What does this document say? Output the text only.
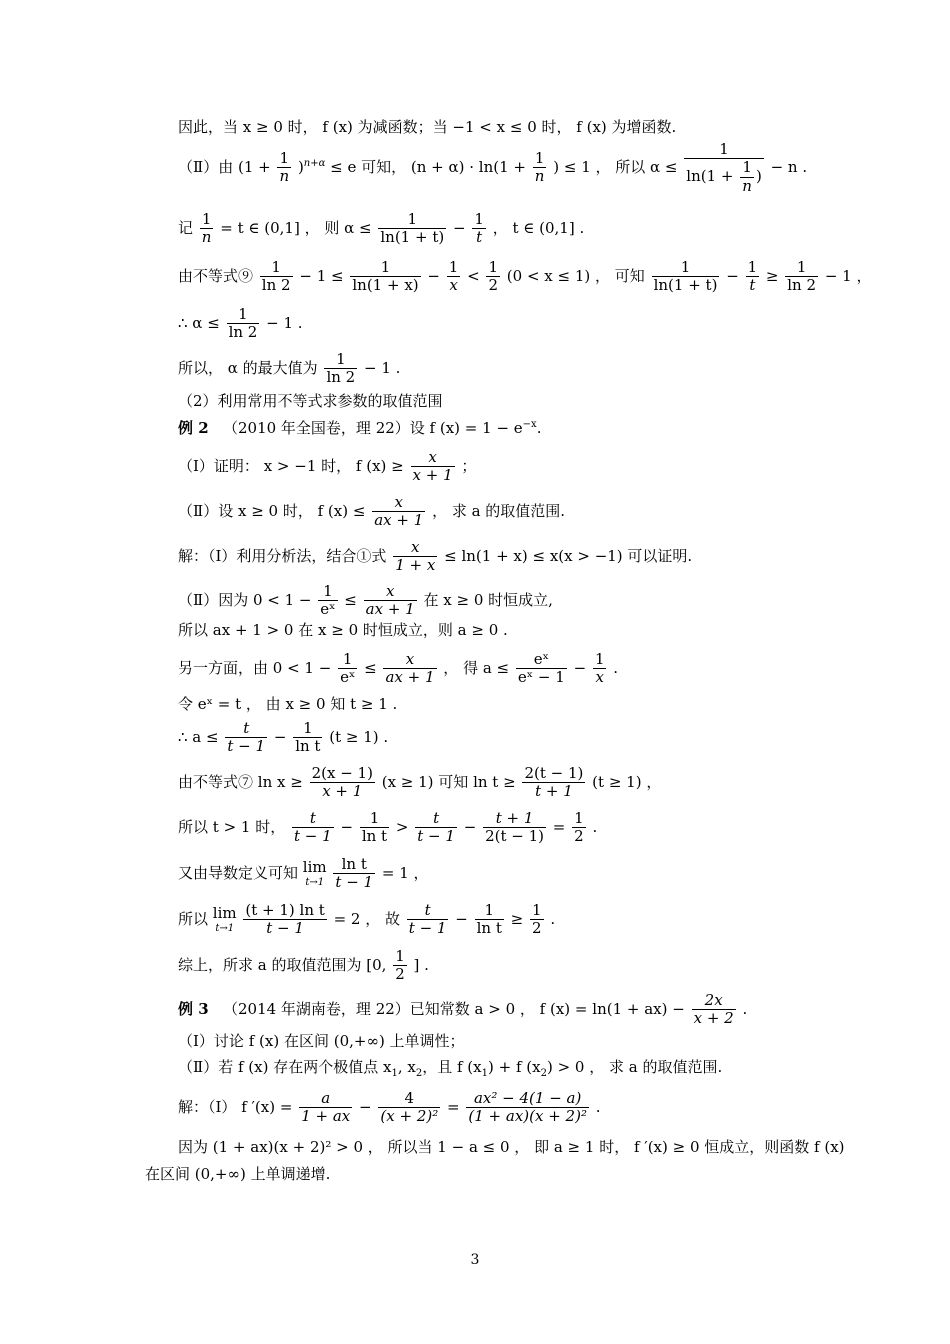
因此，当 x ≥ 0 时， f (x) 为减函数；当 −1 < x ≤ 0 时， f (x) 为增函数.
（Ⅱ）由 $(1 + \frac{1}{n} )^{n+\alpha} \le e$ 可知， $(n + \alpha) \cdot \ln(1 + \frac{1}{n}$ ) ≤ 1 ， 所以 $\alpha \le \frac{1}{\ln(1 + \frac{1}{n} )} - n$ .
记 $\frac{1}{n} = t$ ∈ (0,1] ， 则 $\alpha \le \frac{1}{\ln(1 + t)} - \frac{1}{t}$ ， t ∈ (0,1] .
由不等式⑨ $\frac{1}{\ln 2} - 1 \le \frac{1}{\ln(1 + x)} - \frac{1}{x} < \frac{1}{2} (0 < x \le 1)$ ， 可知 $\frac{1}{\ln(1 + t)} - \frac{1}{t} \ge \frac{1}{\ln 2} - 1$ ，
∴ $\alpha \le \frac{1}{\ln 2} - 1$ .
所以， α 的最大值为 $\frac{1}{\ln 2} - 1$ .
（2）利用常用不等式求参数的取值范围
例 2 （2010 年全国卷，理 22）设 f $(x) = 1 - e^{-x}$.
（Ⅰ）证明： x > −1 时， f $(x) \ge \frac{x}{x + 1}$ ；
（Ⅱ）设 x ≥ 0 时， f $(x) \le \frac{x}{ax + 1}$ ， 求 a 的取值范围.
解：（Ⅰ）利用分析法，结合①式 $\frac{x}{1 + x} \le \ln(1 + x) \le x(x > -1)$ 可以证明.
（Ⅱ）因为 $0 < 1 - \frac{1}{\text{eˣ}} \le \frac{x}{ax + 1}$ 在 x ≥ 0 时恒成立,
所以 ax + 1 > 0 在 x ≥ 0 时恒成立，则 a ≥ 0 .
另一方面，由 $0 < 1 - \frac{1}{\text{eˣ}} \le \frac{x}{ax + 1}$ ， 得 $a \le \frac{\text{eˣ}}{\text{eˣ − 1}} - \frac{1}{x}$ .
令 eˣ = t ， 由 x ≥ 0 知 t ≥ 1 .
∴ $a \le \frac{t}{t - 1} - \frac{1}{\text{ln t}} (t \ge 1)$ .
由不等式⑦ $\ln x \ge \frac{2(x - 1)}{x + 1} (x \ge 1)$ 可知 $\ln t \ge \frac{2(t - 1)}{t + 1} (t \ge 1)$ ，
所以 t > 1 时， $\frac{t}{t - 1} - \frac{1}{\text{ln t}} > \frac{t}{t - 1} - \frac{t + 1}{2(t - 1)} = \frac{1}{2}$ .
又由导数定义可知 lim
t→1
$\frac{\text{ln t}}{t - 1} = 1$ ，
所以 lim
t→1
$\frac{\text{(t + 1) ln t}}{t - 1} = 2$ ， 故 $\frac{t}{t - 1} - \frac{1}{\text{ln t}} \ge \frac{1}{2}$ .
综上，所求 a 的取值范围为 [0, $\frac{1}{2}$ ] .
例 3 （2014 年湖南卷，理 22）已知常数 a > 0 ， f $(x) = \ln(1 + ax) - \frac{2x}{x + 2}$ .
（Ⅰ）讨论 f (x) 在区间 (0,+∞) 上单调性；
（Ⅱ）若 f (x) 存在两个极值点 $x_1$, $x_2$，且 f $(x_1) + f$ $(x_2) > 0$ ， 求 a 的取值范围.
解：（Ⅰ） f $'(x) = \frac{a}{1 + ax} - \frac{4}{\text{(x + 2)²}} = \frac{\text{ax² − 4(1 − a)}}{\text{(1 + ax)(x + 2)²}}$ .
因为 (1 + ax)(x + 2)² > 0 ， 所以当 1 − a ≤ 0 ， 即 a ≥ 1 时， f ′(x) ≥ 0 恒成立，则函数 f (x)
在区间 (0,+∞) 上单调递增.
3
